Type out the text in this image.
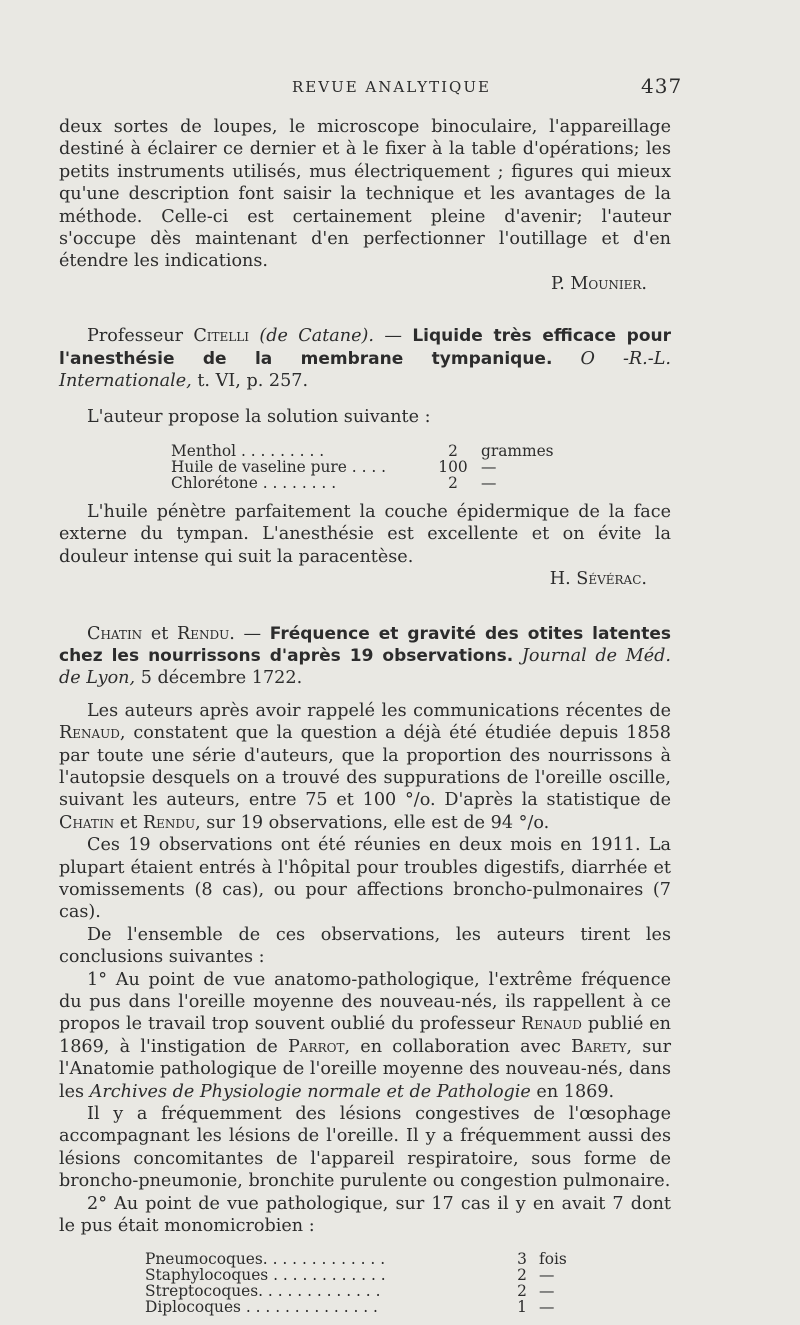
REVUE ANALYTIQUE	437

deux sortes de loupes, le microscope binoculaire, l'appareillage destiné à éclairer ce dernier et à le fixer à la table d'opérations; les petits instruments utilisés, mus électriquement ; figures qui mieux qu'une description font saisir la technique et les avantages de la méthode. Celle-ci est certainement pleine d'avenir; l'auteur s'occupe dès maintenant d'en perfectionner l'outillage et d'en étendre les indications.

P. Mounier.

Professeur Citelli (de Catane). — Liquide très efficace pour l'anesthésie de la membrane tympanique. O -R.-L. Internationale, t. VI, p. 257.

L'auteur propose la solution suivante :

Menthol . . . . . . . . .	2	grammes
Huile de vaseline pure . . . .	100	—
Chlorétone . . . . . . . .	2	—

L'huile pénètre parfaitement la couche épidermique de la face externe du tympan. L'anesthésie est excellente et on évite la douleur intense qui suit la paracentèse.

H. Sévérac.

Chatin et Rendu. — Fréquence et gravité des otites latentes chez les nourrissons d'après 19 observations. Journal de Méd. de Lyon, 5 décembre 1722.

Les auteurs après avoir rappelé les communications récentes de Renaud, constatent que la question a déjà été étudiée depuis 1858 par toute une série d'auteurs, que la proportion des nourrissons à l'autopsie desquels on a trouvé des suppurations de l'oreille oscille, suivant les auteurs, entre 75 et 100 °/o. D'après la statistique de Chatin et Rendu, sur 19 observations, elle est de 94 °/o.

Ces 19 observations ont été réunies en deux mois en 1911. La plupart étaient entrés à l'hôpital pour troubles digestifs, diarrhée et vomissements (8 cas), ou pour affections broncho-pulmonaires (7 cas).

De l'ensemble de ces observations, les auteurs tirent les conclusions suivantes :

1° Au point de vue anatomo-pathologique, l'extrême fréquence du pus dans l'oreille moyenne des nouveau-nés, ils rappellent à ce propos le travail trop souvent oublié du professeur Renaud publié en 1869, à l'instigation de Parrot, en collaboration avec Barety, sur l'Anatomie pathologique de l'oreille moyenne des nouveau-nés, dans les Archives de Physiologie normale et de Pathologie en 1869.

Il y a fréquemment des lésions congestives de l'œsophage accompagnant les lésions de l'oreille. Il y a fréquemment aussi des lésions concomitantes de l'appareil respiratoire, sous forme de broncho-pneumonie, bronchite purulente ou congestion pulmonaire.

2° Au point de vue pathologique, sur 17 cas il y en avait 7 dont le pus était monomicrobien :

Pneumocoques. . . . . . . . . . . . .	3	fois
Staphylocoques . . . . . . . . . . . .	2	—
Streptocoques. . . . . . . . . . . . .	2	—
Diplocoques . . . . . . . . . . . . . .	1	—
